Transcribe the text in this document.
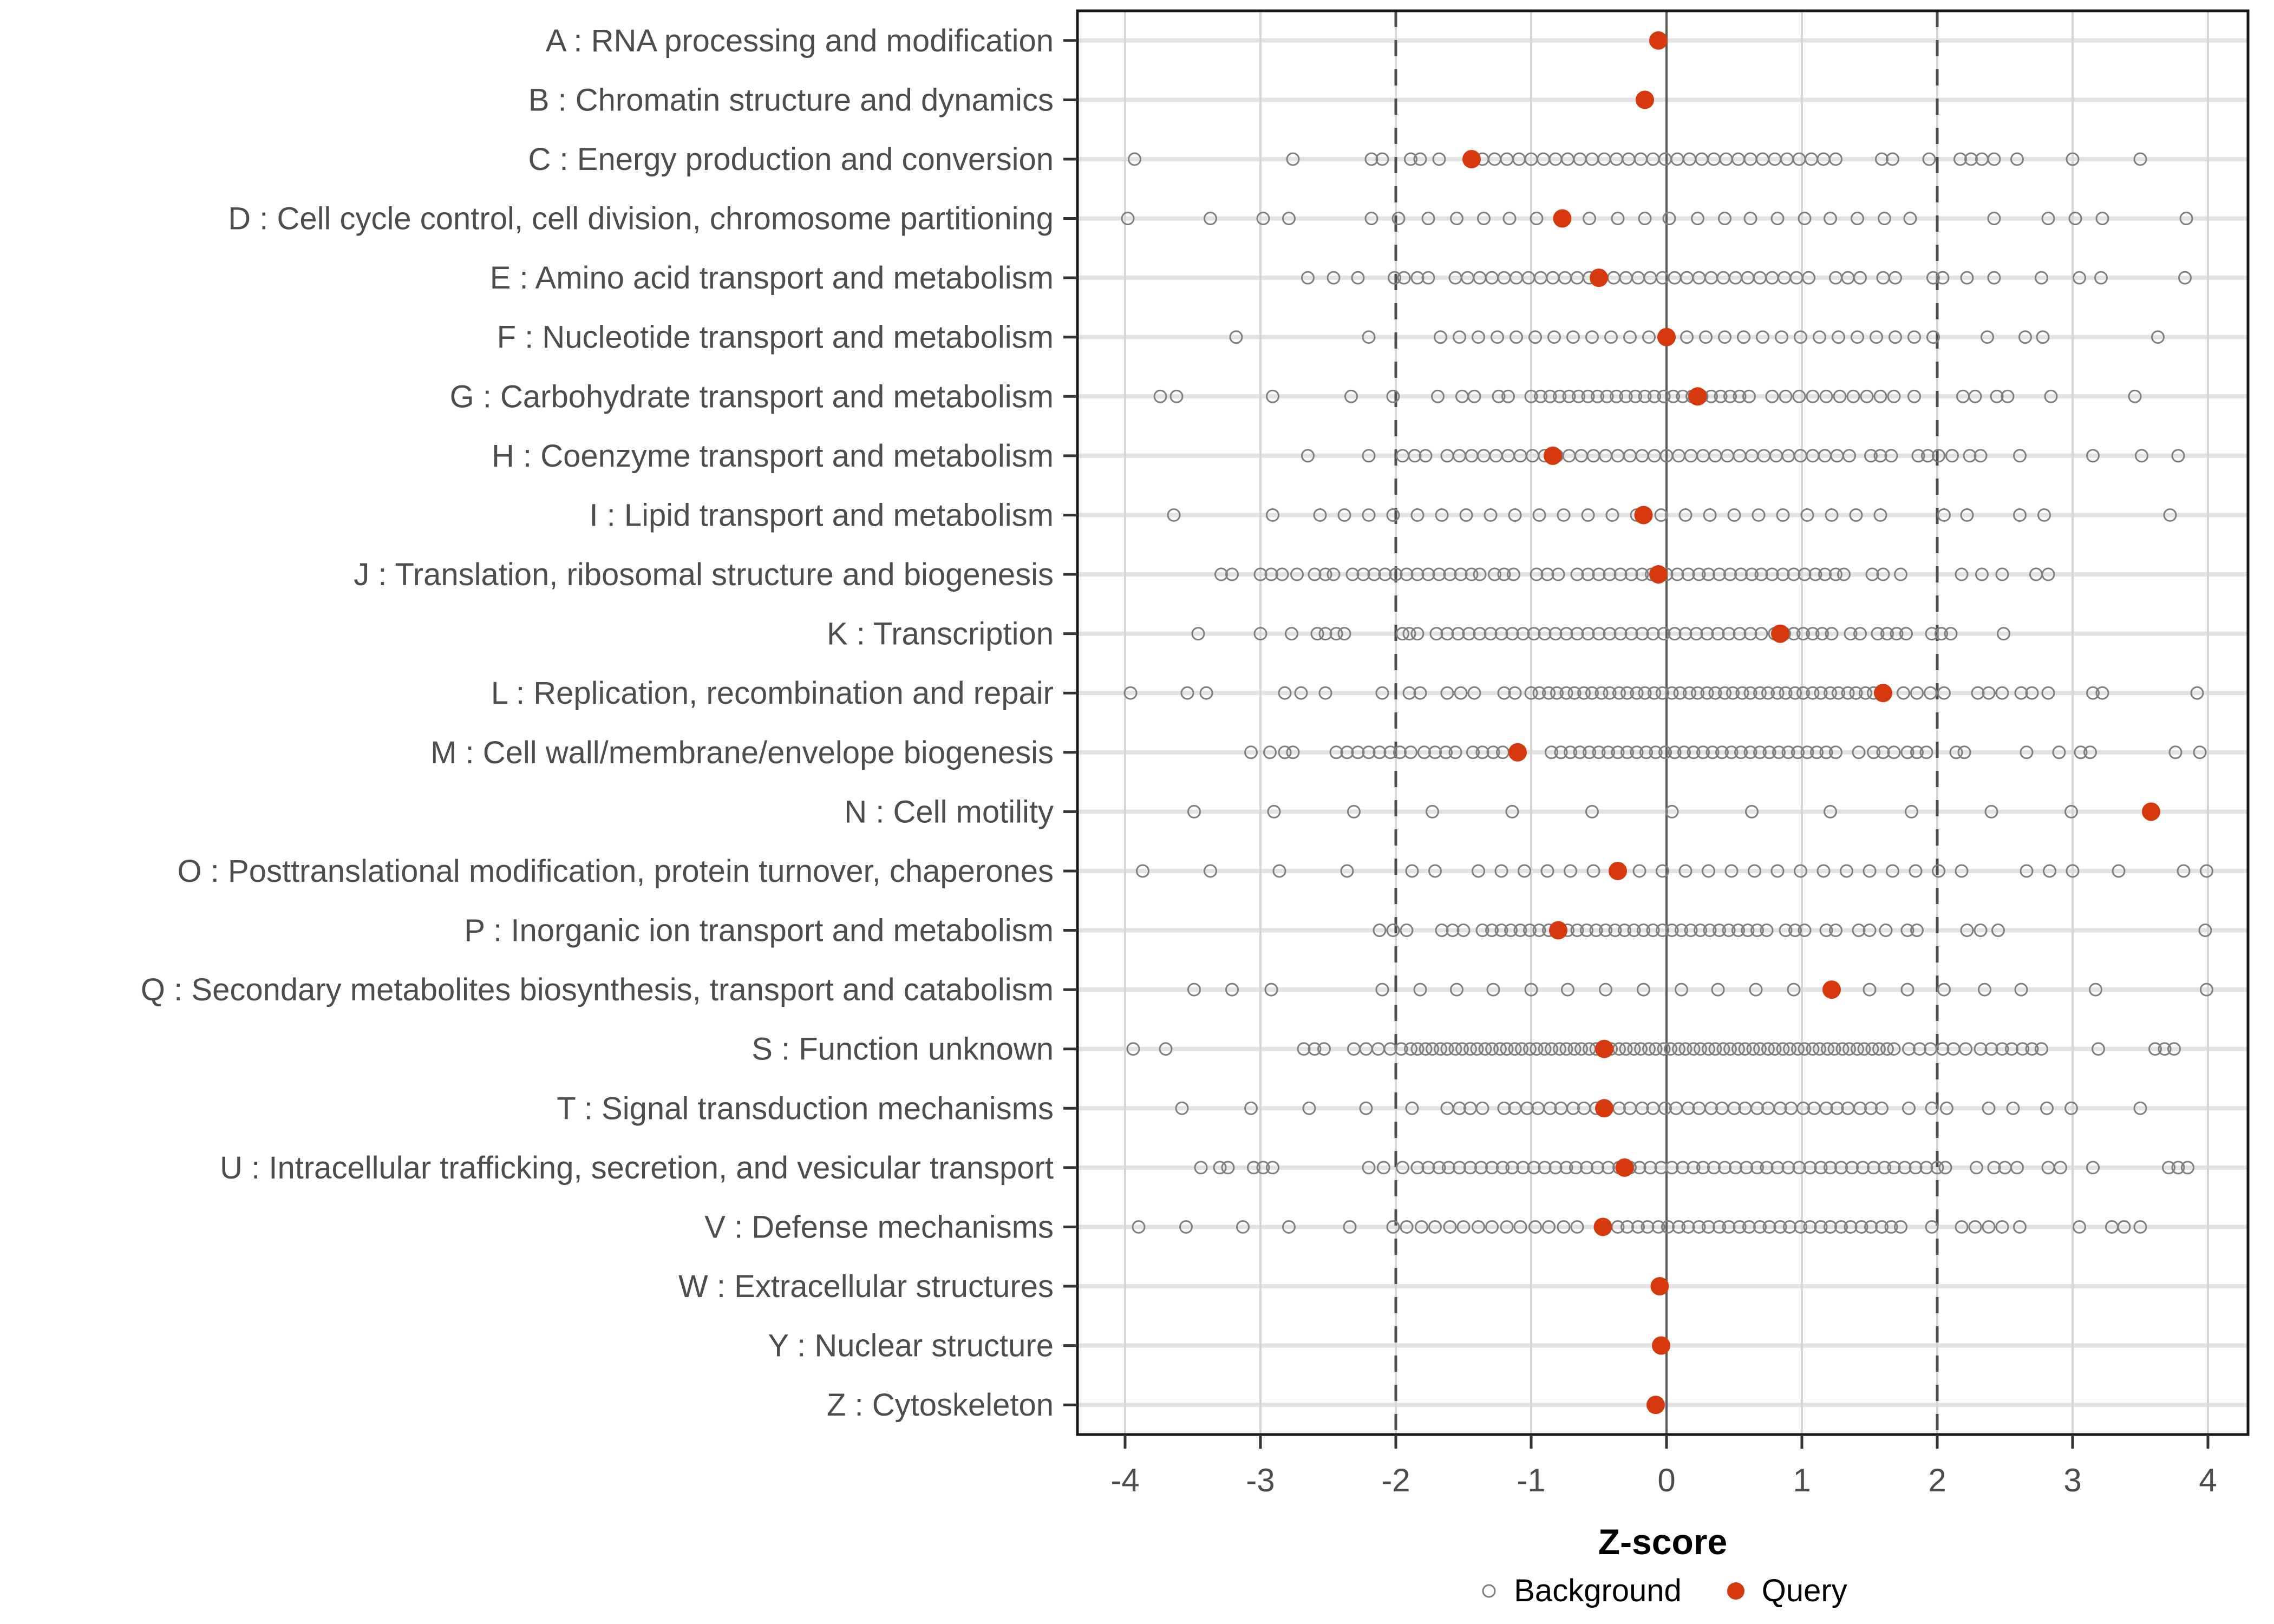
A : RNA processing and modification
B : Chromatin structure and dynamics
C : Energy production and conversion
D : Cell cycle control, cell division, chromosome partitioning
E : Amino acid transport and metabolism
F : Nucleotide transport and metabolism
G : Carbohydrate transport and metabolism
H : Coenzyme transport and metabolism
I : Lipid transport and metabolism
J : Translation, ribosomal structure and biogenesis
K : Transcription
L : Replication, recombination and repair
M : Cell wall/membrane/envelope biogenesis
N : Cell motility
O : Posttranslational modification, protein turnover, chaperones
P : Inorganic ion transport and metabolism
Q : Secondary metabolites biosynthesis, transport and catabolism
S : Function unknown
T : Signal transduction mechanisms
U : Intracellular trafficking, secretion, and vesicular transport
V : Defense mechanisms
W : Extracellular structures
Y : Nuclear structure
Z : Cytoskeleton
-4	-3	-2	-1	0	1	2	3	4
Z-score
Background	Query
